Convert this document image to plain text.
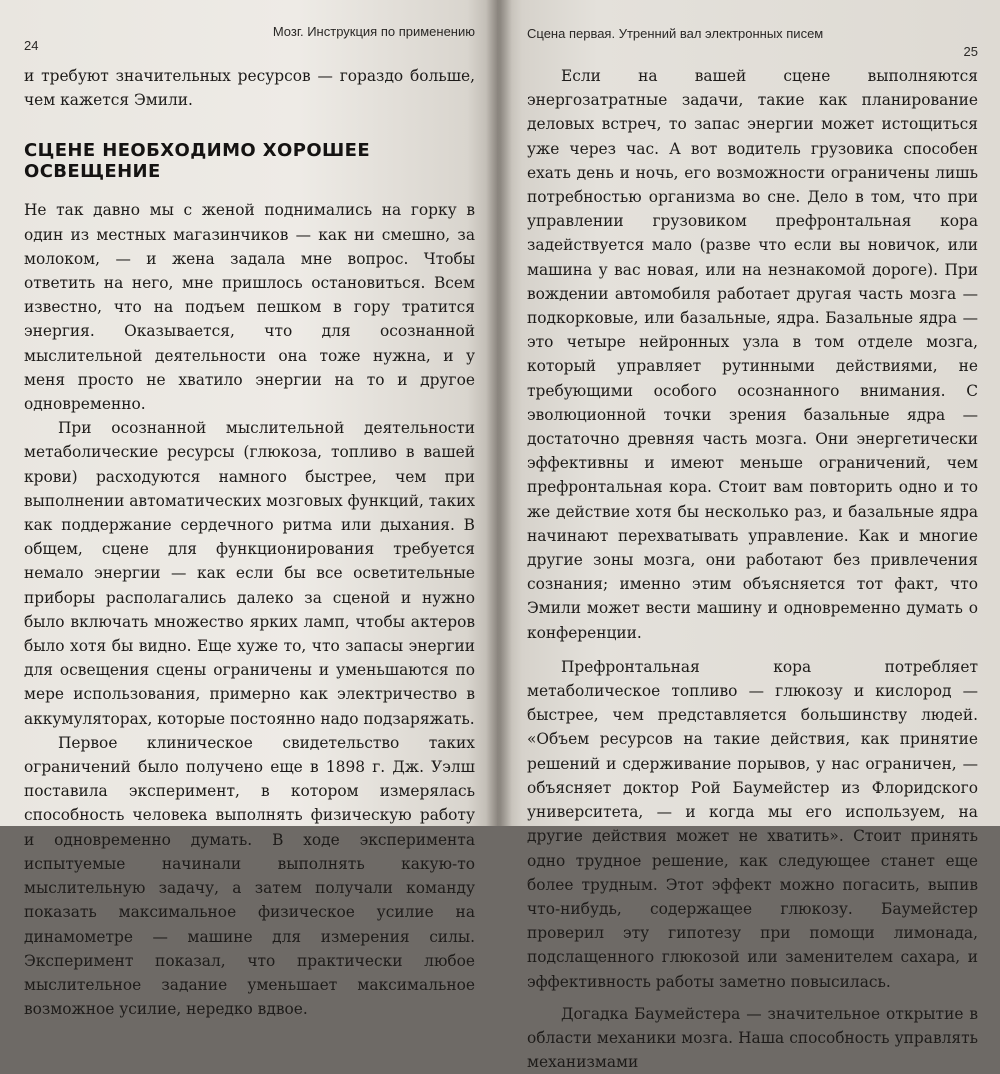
24
Мозг. Инструкция по применению

и требуют значительных ресурсов — гораздо больше, чем кажется Эмили.

СЦЕНЕ НЕОБХОДИМО ХОРОШЕЕ ОСВЕЩЕНИЕ

Не так давно мы с женой поднимались на горку в один из местных магазинчиков — как ни смешно, за молоком, — и жена задала мне вопрос. Чтобы ответить на него, мне пришлось остановиться. Всем известно, что на подъем пешком в гору тратится энергия. Оказывается, что для осознанной мыслительной деятельности она тоже нужна, и у меня просто не хватило энергии на то и другое одновременно.

При осознанной мыслительной деятельности метаболические ресурсы (глюкоза, топливо в вашей крови) расходуются намного быстрее, чем при выполнении автоматических мозговых функций, таких как поддержание сердечного ритма или дыхания. В общем, сцене для функционирования требуется немало энергии — как если бы все осветительные приборы располагались далеко за сценой и нужно было включать множество ярких ламп, чтобы актеров было хотя бы видно. Еще хуже то, что запасы энергии для освещения сцены ограничены и уменьшаются по мере использования, примерно как электричество в аккумуляторах, которые постоянно надо подзаряжать.

Первое клиническое свидетельство таких ограничений было получено еще в 1898 г. Дж. Уэлш поставила эксперимент, в котором измерялась способность человека выполнять физическую работу и одновременно думать. В ходе эксперимента испытуемые начинали выполнять какую-то мыслительную задачу, а затем получали команду показать максимальное физическое усилие на динамометре — машине для измерения силы. Эксперимент показал, что практически любое мыслительное задание уменьшает максимальное возможное усилие, нередко вдвое.

Сцена первая. Утренний вал электронных писем
25

Если на вашей сцене выполняются энергозатратные задачи, такие как планирование деловых встреч, то запас энергии может истощиться уже через час. А вот водитель грузовика способен ехать день и ночь, его возможности ограничены лишь потребностью организма во сне. Дело в том, что при управлении грузовиком префронтальная кора задействуется мало (разве что если вы новичок, или машина у вас новая, или на незнакомой дороге). При вождении автомобиля работает другая часть мозга — подкорковые, или базальные, ядра. Базальные ядра — это четыре нейронных узла в том отделе мозга, который управляет рутинными действиями, не требующими особого осознанного внимания. С эволюционной точки зрения базальные ядра — достаточно древняя часть мозга. Они энергетически эффективны и имеют меньше ограничений, чем префронтальная кора. Стоит вам повторить одно и то же действие хотя бы несколько раз, и базальные ядра начинают перехватывать управление. Как и многие другие зоны мозга, они работают без привлечения сознания; именно этим объясняется тот факт, что Эмили может вести машину и одновременно думать о конференции.

Префронтальная кора потребляет метаболическое топливо — глюкозу и кислород — быстрее, чем представляется большинству людей. «Объем ресурсов на такие действия, как принятие решений и сдерживание порывов, у нас ограничен, — объясняет доктор Рой Баумейстер из Флоридского университета, — и когда мы его используем, на другие действия может не хватить». Стоит принять одно трудное решение, как следующее станет еще более трудным. Этот эффект можно погасить, выпив что-нибудь, содержащее глюкозу. Баумейстер проверил эту гипотезу при помощи лимонада, подслащенного глюкозой или заменителем сахара, и эффективность работы заметно повысилась.

Догадка Баумейстера — значительное открытие в области механики мозга. Наша способность управлять механизмами
